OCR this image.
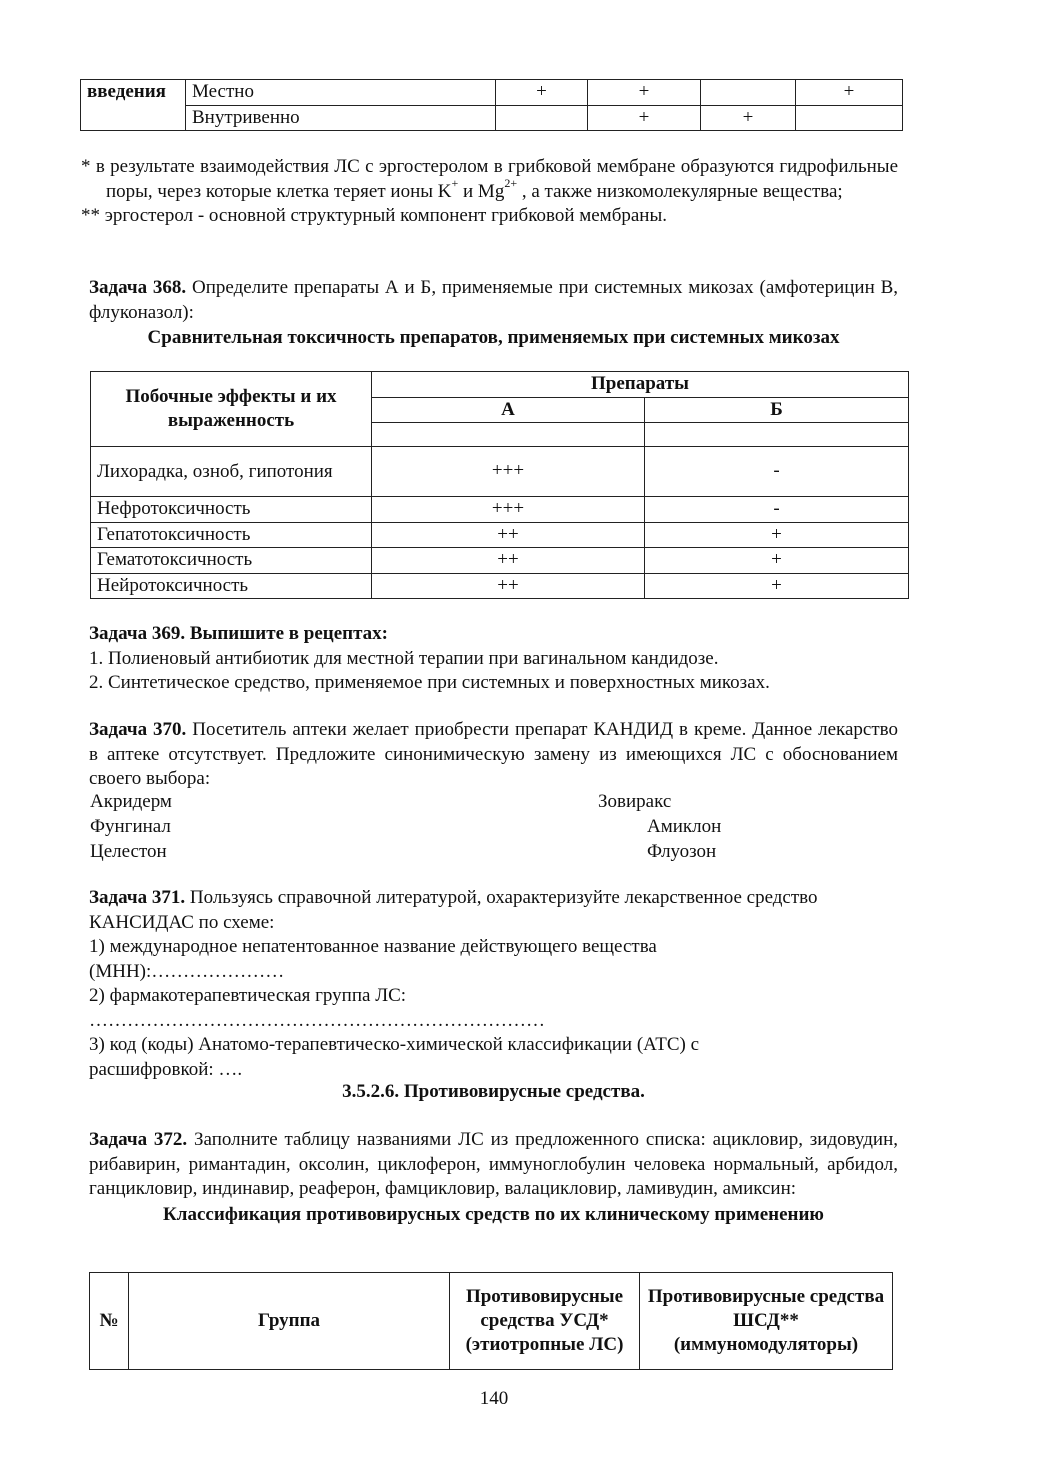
введения	Местно	+	+		+
	Внутривенно		+	+	

* в результате взаимодействия ЛС с эргостеролом в грибковой мембране образуются гидрофильные поры, через которые клетка теряет ионы K+ и $Mg^{2+}$ , а также низкомолекулярные вещества;

** эргостерол - основной структурный компонент грибковой мембраны.

Задача 368. Определите препараты А и Б, применяемые при системных микозах (амфотерицин В, флуконазол):

Сравнительная токсичность препаратов, применяемых при системных микозах

Побочные эффекты и их выраженность	Препараты	
	А	Б

Лихорадка, озноб, гипотония	+++	-
Нефротоксичность	+++	-
Гепатотоксичность	++	+
Гематотоксичность	++	+
Нейротоксичность	++	+

Задача 369. Выпишите в рецептах:

1. Полиеновый антибиотик для местной терапии при вагинальном кандидозе.

2. Синтетическое средство, применяемое при системных и поверхностных микозах.

Задача 370. Посетитель аптеки желает приобрести препарат КАНДИД в креме. Данное лекарство в аптеке отсутствует. Предложите синонимическую замену из имеющихся ЛС с обоснованием своего выбора:

Акридерм	Зовиракс
Фунгинал	Амиклон
Целестон	Флуозон

Задача 371. Пользуясь справочной литературой, охарактеризуйте лекарственное средство КАНСИДАС по схеме:

1) международное непатентованное название действующего вещества

(МНН):…………………

2) фармакотерапевтическая группа ЛС:

………………………………………………………………

3) код (коды) Анатомо-терапевтическо-химической классификации (АТС) с

расшифровкой: ….

3.5.2.6. Противовирусные средства.

Задача 372. Заполните таблицу названиями ЛС из предложенного списка: ацикловир, зидовудин, рибавирин, римантадин, оксолин, циклоферон, иммуноглобулин человека нормальный, арбидол, ганцикловир, индинавир, реаферон, фамцикловир, валацикловир, ламивудин, амиксин:

Классификация противовирусных средств по их клиническому применению

№	Группа	Противовирусные средства УСД* (этиотропные ЛС)	Противовирусные средства ШСД** (иммуномодуляторы)
140
